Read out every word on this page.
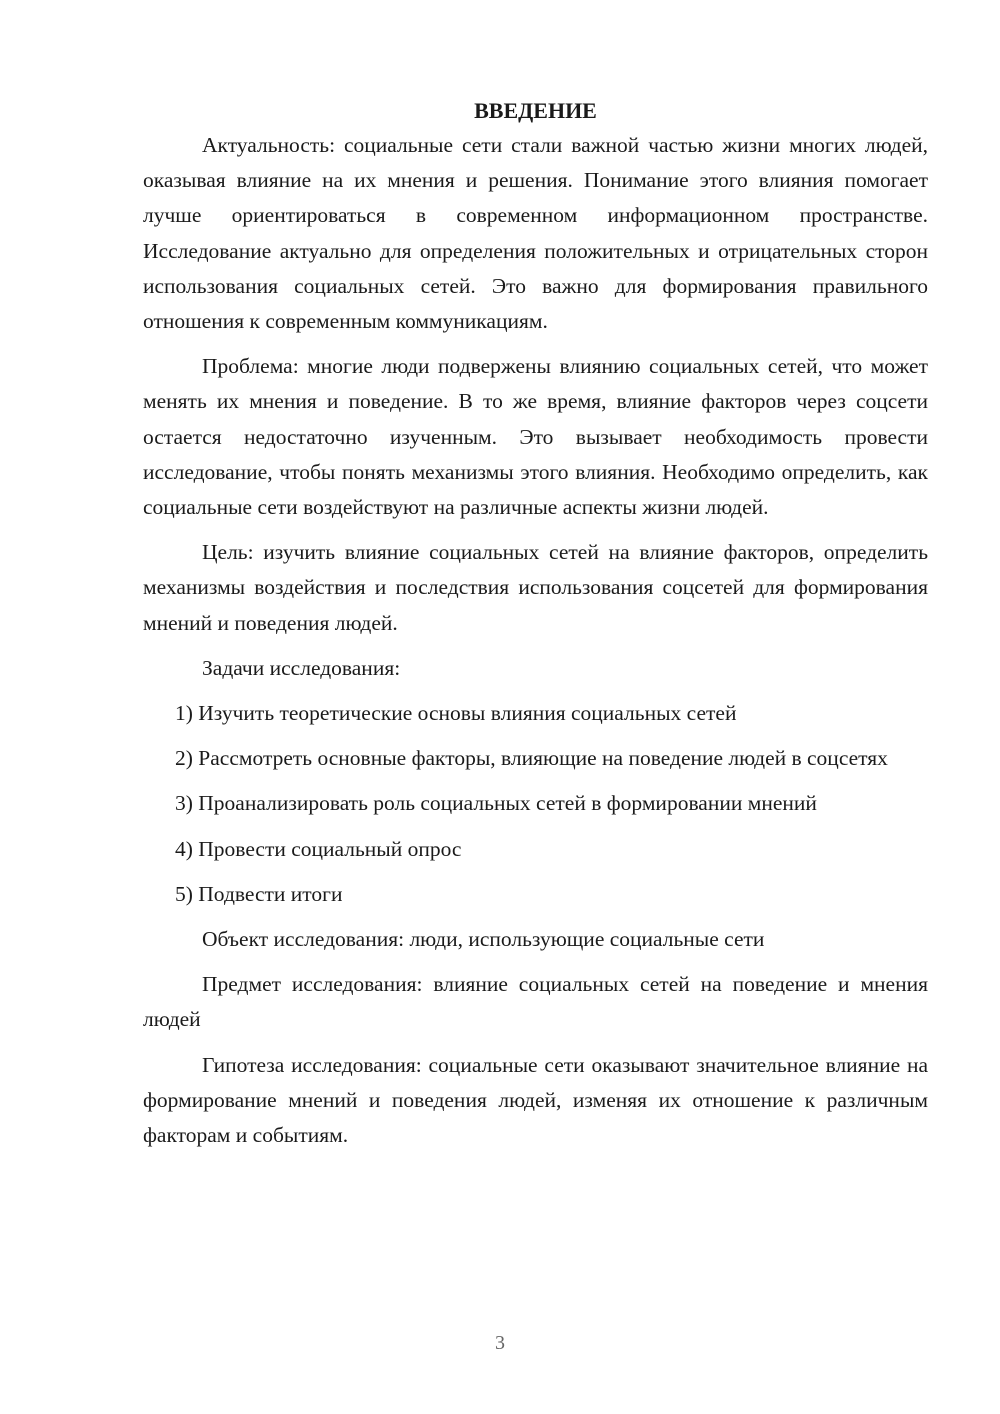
ВВЕДЕНИЕ

Актуальность: социальные сети стали важной частью жизни многих людей, оказывая влияние на их мнения и решения. Понимание этого влияния помогает лучше ориентироваться в современном информационном пространстве. Исследование актуально для определения положительных и отрицательных сторон использования социальных сетей. Это важно для формирования правильного отношения к современным коммуникациям.

Проблема: многие люди подвержены влиянию социальных сетей, что может менять их мнения и поведение. В то же время, влияние факторов через соцсети остается недостаточно изученным. Это вызывает необходимость провести исследование, чтобы понять механизмы этого влияния. Необходимо определить, как социальные сети воздействуют на различные аспекты жизни людей.

Цель: изучить влияние социальных сетей на влияние факторов, определить механизмы воздействия и последствия использования соцсетей для формирования мнений и поведения людей.

Задачи исследования:

1) Изучить теоретические основы влияния социальных сетей

2) Рассмотреть основные факторы, влияющие на поведение людей в соцсетях

3) Проанализировать роль социальных сетей в формировании мнений

4) Провести социальный опрос

5) Подвести итоги

Объект исследования: люди, использующие социальные сети

Предмет исследования: влияние социальных сетей на поведение и мнения людей

Гипотеза исследования: социальные сети оказывают значительное влияние на формирование мнений и поведения людей, изменяя их отношение к различным факторам и событиям.

3
